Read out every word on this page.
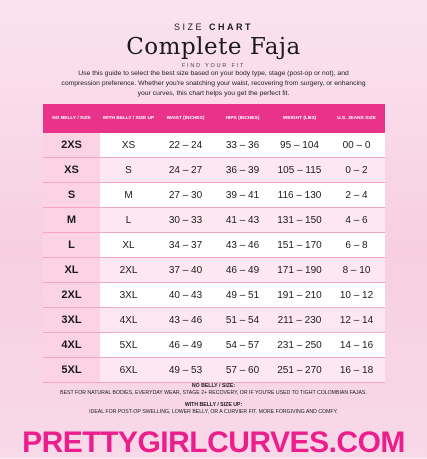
SIZE CHART
Complete Faja
FIND YOUR FIT
Use this guide to select the best size based on your body type, stage (post-op or not), and compression preference. Whether you're snatching your waist, recovering from surgery, or enhancing your curves, this chart helps you get the perfect fit.
NO BELLY / SIZE	WITH BELLY / SIZE UP	WAIST (INCHES)	HIPS (INCHES)	WEIGHT (LBS)	U.S. JEANS SIZE
2XS	XS	22 – 24	33 – 36	95 – 104	00 – 0
XS	S	24 – 27	36 – 39	105 – 115	0 – 2
S	M	27 – 30	39 – 41	116 – 130	2 – 4
M	L	30 – 33	41 – 43	131 – 150	4 – 6
L	XL	34 – 37	43 – 46	151 – 170	6 – 8
XL	2XL	37 – 40	46 – 49	171 – 190	8 – 10
2XL	3XL	40 – 43	49 – 51	191 – 210	10 – 12
3XL	4XL	43 – 46	51 – 54	211 – 230	12 – 14
4XL	5XL	46 – 49	54 – 57	231 – 250	14 – 16
5XL	6XL	49 – 53	57 – 60	251 – 270	16 – 18
NO BELLY / SIZE:
BEST FOR NATURAL BODIES, EVERYDAY WEAR, STAGE 2+ RECOVERY, OR IF YOU'RE USED TO TIGHT COLOMBIAN FAJAS.
WITH BELLY / SIZE UP:
IDEAL FOR POST-OP SWELLING, LOWER BELLY, OR A CURVIER FIT. MORE FORGIVING AND COMFY.
PRETTYGIRLCURVES.COM
